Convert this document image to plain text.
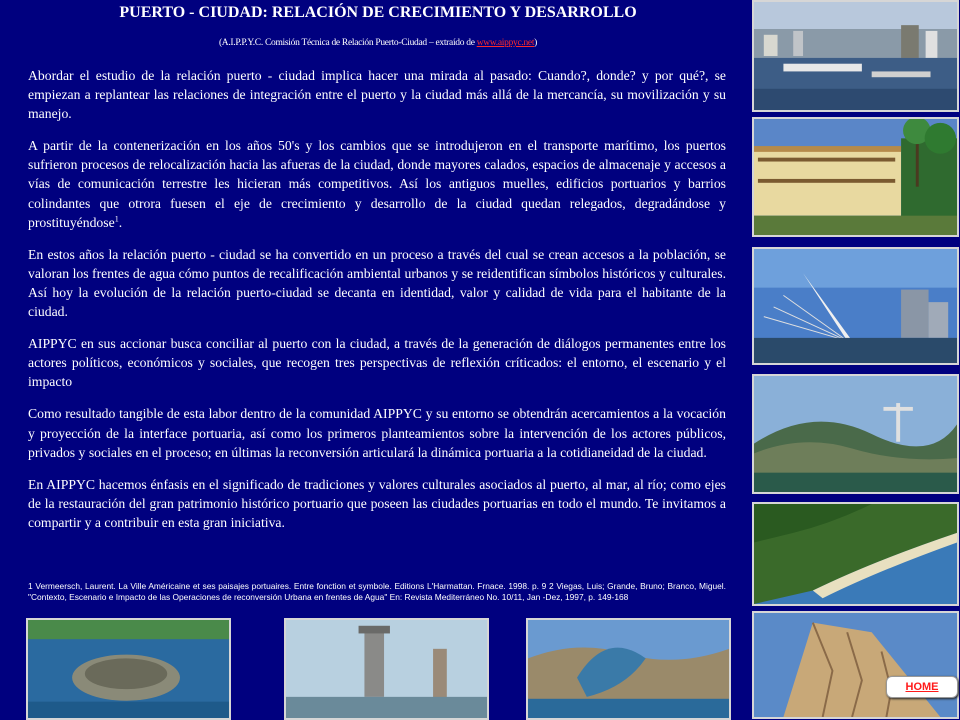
PUERTO - CIUDAD: RELACIÓN DE CRECIMIENTO Y DESARROLLO
(A.I.P.P.Y.C. Comisión Técnica de Relación Puerto-Ciudad – extraído de www.aippyc.net)

Abordar el estudio de la relación puerto - ciudad implica hacer una mirada al pasado: Cuando?, donde? y por qué?, se empiezan a replantear las relaciones de integración entre el puerto y la ciudad más allá de la mercancía, su movilización y su manejo.

A partir de la contenerización en los años 50's y los cambios que se introdujeron en el transporte marítimo, los puertos sufrieron procesos de relocalización hacia las afueras de la ciudad, donde mayores calados, espacios de almacenaje y accesos a vías de comunicación terrestre les hicieran más competitivos. Así los antiguos muelles, edificios portuarios y barrios colindantes que otrora fuesen el eje de crecimiento y desarrollo de la ciudad quedan relegados, degradándose y prostituyéndose$^1$.

En estos años la relación puerto - ciudad se ha convertido en un proceso a través del cual se crean accesos a la población, se valoran los frentes de agua cómo puntos de recalificación ambiental urbanos y se reidentifican símbolos históricos y culturales. Así hoy la evolución de la relación puerto-ciudad se decanta en identidad, valor y calidad de vida para el habitante de la ciudad.

AIPPYC en sus accionar busca conciliar al puerto con la ciudad, a través de la generación de diálogos permanentes entre los actores políticos, económicos y sociales, que recogen tres perspectivas de reflexión críticados: el entorno, el escenario y el impacto

Como resultado tangible de esta labor dentro de la comunidad AIPPYC y su entorno se obtendrán acercamientos a la vocación y proyección de la interface portuaria, así como los primeros planteamientos sobre la intervención de los actores públicos, privados y sociales en el proceso; en últimas la reconversión articulará la dinámica portuaria a la cotidianeidad de la ciudad.

En AIPPYC hacemos énfasis en el significado de tradiciones y valores culturales asociados al puerto, al mar, al río; como ejes de la restauración del gran patrimonio histórico portuario que poseen las ciudades portuarias en todo el mundo. Te invitamos a compartir y a contribuir en esta gran iniciativa.

1 Vermeersch, Laurent. La Ville Américaine et ses paisajes portuaires. Entre fonction et symbole. Editions L'Harmattan. Frnace. 1998. p. 9 2 Viegas, Luis; Grande, Bruno; Branco, Miguel. "Contexto, Escenario e Impacto de las Operaciones de reconversión Urbana en frentes de Agua" En: Revista Mediterráneo No. 10/11, Jan -Dez, 1997, p. 149-168
HOME
